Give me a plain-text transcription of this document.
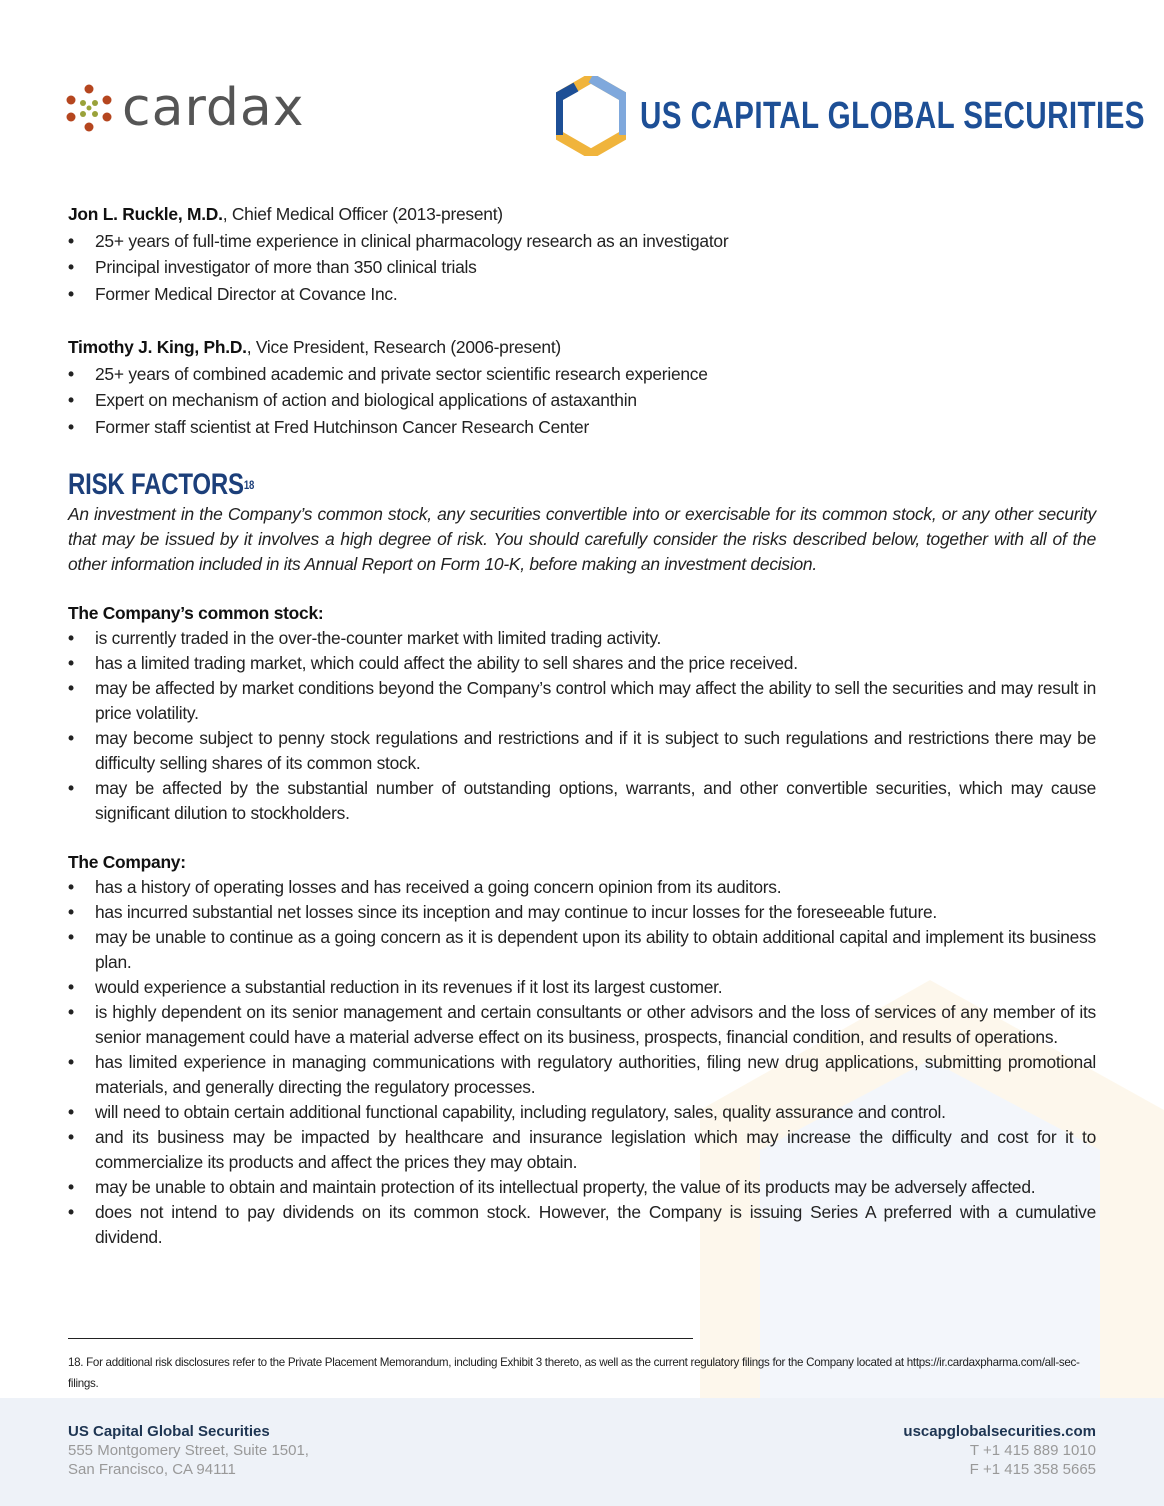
cardax	US CAPITAL GLOBAL SECURITIES
Jon L. Ruckle, M.D., Chief Medical Officer (2013-present)
• 25+ years of full-time experience in clinical pharmacology research as an investigator
• Principal investigator of more than 350 clinical trials
• Former Medical Director at Covance Inc.
Timothy J. King, Ph.D., Vice President, Research (2006-present)
• 25+ years of combined academic and private sector scientific research experience
• Expert on mechanism of action and biological applications of astaxanthin
• Former staff scientist at Fred Hutchinson Cancer Research Center
RISK FACTORS$^{18}$

An investment in the Company’s common stock, any securities convertible into or exercisable for its common stock, or any other security that may be issued by it involves a high degree of risk. You should carefully consider the risks described below, together with all of the other information included in its Annual Report on Form 10-K, before making an investment decision.

The Company’s common stock:
• is currently traded in the over-the-counter market with limited trading activity.
• has a limited trading market, which could affect the ability to sell shares and the price received.
• may be affected by market conditions beyond the Company’s control which may affect the ability to sell the securities and may result in price volatility.
• may become subject to penny stock regulations and restrictions and if it is subject to such regulations and restrictions there may be difficulty selling shares of its common stock.
• may be affected by the substantial number of outstanding options, warrants, and other convertible securities, which may cause significant dilution to stockholders.
The Company:
• has a history of operating losses and has received a going concern opinion from its auditors.
• has incurred substantial net losses since its inception and may continue to incur losses for the foreseeable future.
• may be unable to continue as a going concern as it is dependent upon its ability to obtain additional capital and implement its business plan.
• would experience a substantial reduction in its revenues if it lost its largest customer.
• is highly dependent on its senior management and certain consultants or other advisors and the loss of services of any member of its senior management could have a material adverse effect on its business, prospects, financial condition, and results of operations.
• has limited experience in managing communications with regulatory authorities, filing new drug applications, submitting promotional materials, and generally directing the regulatory processes.
• will need to obtain certain additional functional capability, including regulatory, sales, quality assurance and control.
• and its business may be impacted by healthcare and insurance legislation which may increase the difficulty and cost for it to commercialize its products and affect the prices they may obtain.
• may be unable to obtain and maintain protection of its intellectual property, the value of its products may be adversely affected.
• does not intend to pay dividends on its common stock. However, the Company is issuing Series A preferred with a cumulative dividend.

18. For additional risk disclosures refer to the Private Placement Memorandum, including Exhibit 3 thereto, as well as the current regulatory filings for the Company located at https://ir.cardaxpharma.com/all-sec-filings.

US Capital Global Securities
555 Montgomery Street, Suite 1501,
San Francisco, CA 94111
uscapglobalsecurities.com
T +1 415 889 1010
F +1 415 358 5665
